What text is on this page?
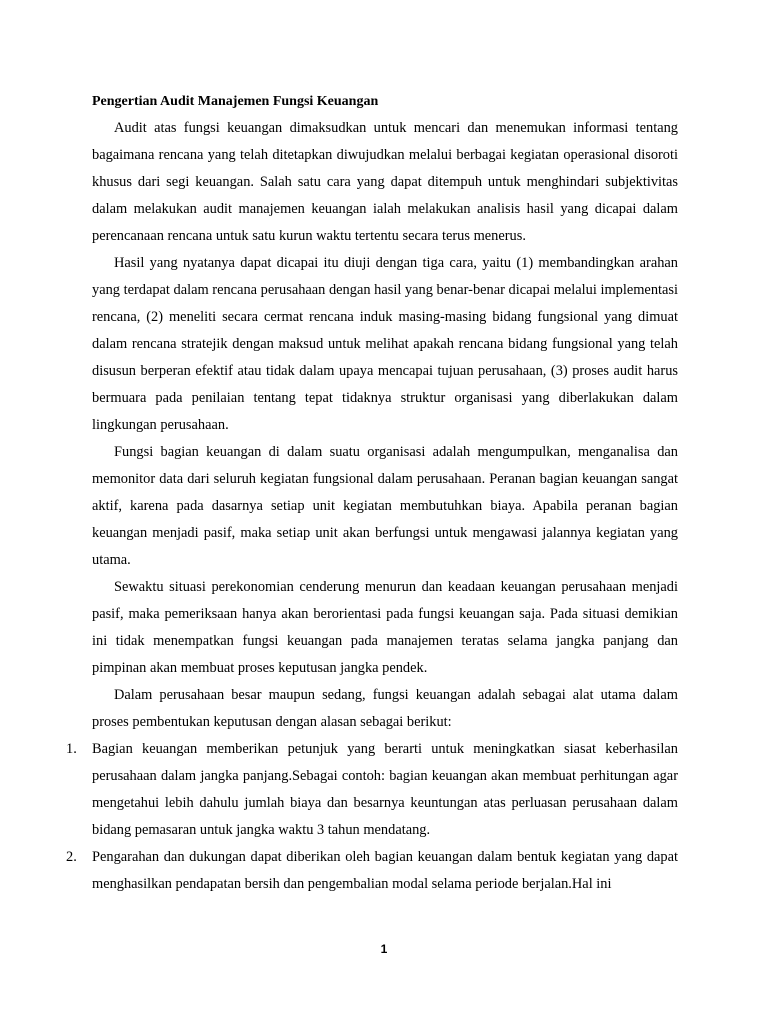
Pengertian Audit Manajemen Fungsi Keuangan

Audit atas fungsi keuangan dimaksudkan untuk mencari dan menemukan informasi tentang bagaimana rencana yang telah ditetapkan diwujudkan melalui berbagai kegiatan operasional disoroti khusus dari segi keuangan. Salah satu cara yang dapat ditempuh untuk menghindari subjektivitas dalam melakukan audit manajemen keuangan ialah melakukan analisis hasil yang dicapai dalam perencanaan rencana untuk satu kurun waktu tertentu secara terus menerus.

Hasil yang nyatanya dapat dicapai itu diuji dengan tiga cara, yaitu (1) membandingkan arahan yang terdapat dalam rencana perusahaan dengan hasil yang benar-benar dicapai melalui implementasi rencana, (2) meneliti secara cermat rencana induk masing-masing bidang fungsional yang dimuat dalam rencana stratejik dengan maksud untuk melihat apakah rencana bidang fungsional yang telah disusun berperan efektif atau tidak dalam upaya mencapai tujuan perusahaan, (3) proses audit harus bermuara pada penilaian tentang tepat tidaknya struktur organisasi yang diberlakukan dalam lingkungan perusahaan.

Fungsi bagian keuangan di dalam suatu organisasi adalah mengumpulkan, menganalisa dan memonitor data dari seluruh kegiatan fungsional dalam perusahaan. Peranan bagian keuangan sangat aktif, karena pada dasarnya setiap unit kegiatan membutuhkan biaya. Apabila peranan bagian keuangan menjadi pasif, maka setiap unit akan berfungsi untuk mengawasi jalannya kegiatan yang utama.

Sewaktu situasi perekonomian cenderung menurun dan keadaan keuangan perusahaan menjadi pasif, maka pemeriksaan hanya akan berorientasi pada fungsi keuangan saja. Pada situasi demikian ini tidak menempatkan fungsi keuangan pada manajemen teratas selama jangka panjang dan pimpinan akan membuat proses keputusan jangka pendek.

Dalam perusahaan besar maupun sedang, fungsi keuangan adalah sebagai alat utama dalam proses pembentukan keputusan dengan alasan sebagai berikut:

1. Bagian keuangan memberikan petunjuk yang berarti untuk meningkatkan siasat keberhasilan perusahaan dalam jangka panjang.Sebagai contoh: bagian keuangan akan membuat perhitungan agar mengetahui lebih dahulu jumlah biaya dan besarnya keuntungan atas perluasan perusahaan dalam bidang pemasaran untuk jangka waktu 3 tahun mendatang.
2. Pengarahan dan dukungan dapat diberikan oleh bagian keuangan dalam bentuk kegiatan yang dapat menghasilkan pendapatan bersih dan pengembalian modal selama periode berjalan.Hal ini
1
